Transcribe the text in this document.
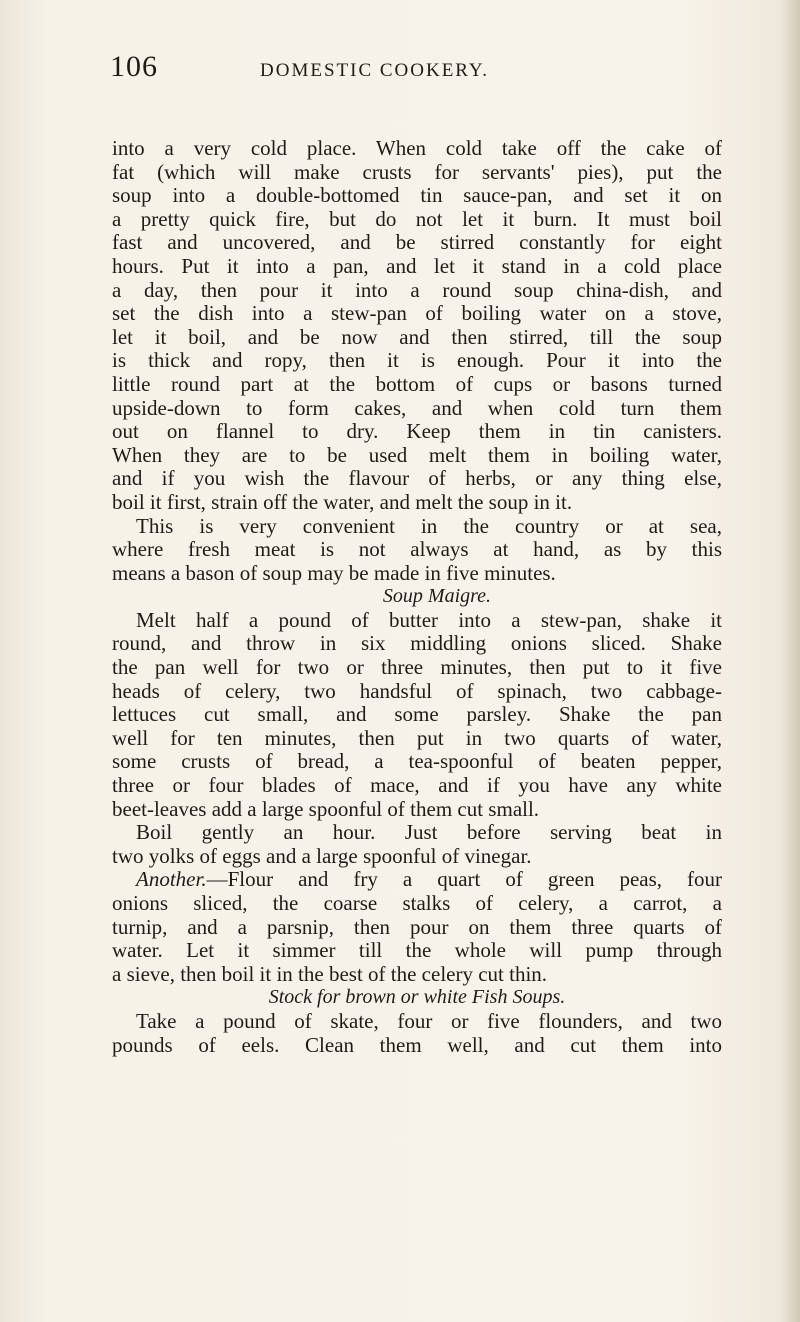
106	DOMESTIC COOKERY.
into a very cold place. When cold take off the cake of
fat (which will make crusts for servants' pies), put the
soup into a double-bottomed tin sauce-pan, and set it on
a pretty quick fire, but do not let it burn. It must boil
fast and uncovered, and be stirred constantly for eight
hours. Put it into a pan, and let it stand in a cold place
a day, then pour it into a round soup china-dish, and
set the dish into a stew-pan of boiling water on a stove,
let it boil, and be now and then stirred, till the soup
is thick and ropy, then it is enough. Pour it into the
little round part at the bottom of cups or basons turned
upside-down to form cakes, and when cold turn them
out on flannel to dry. Keep them in tin canisters.
When they are to be used melt them in boiling water,
and if you wish the flavour of herbs, or any thing else,
boil it first, strain off the water, and melt the soup in it.
This is very convenient in the country or at sea,
where fresh meat is not always at hand, as by this
means a bason of soup may be made in five minutes.
Soup Maigre.
Melt half a pound of butter into a stew-pan, shake it
round, and throw in six middling onions sliced. Shake
the pan well for two or three minutes, then put to it five
heads of celery, two handsful of spinach, two cabbage-
lettuces cut small, and some parsley. Shake the pan
well for ten minutes, then put in two quarts of water,
some crusts of bread, a tea-spoonful of beaten pepper,
three or four blades of mace, and if you have any white
beet-leaves add a large spoonful of them cut small.
Boil gently an hour. Just before serving beat in
two yolks of eggs and a large spoonful of vinegar.
Another.—Flour and fry a quart of green peas, four
onions sliced, the coarse stalks of celery, a carrot, a
turnip, and a parsnip, then pour on them three quarts of
water. Let it simmer till the whole will pump through
a sieve, then boil it in the best of the celery cut thin.
Stock for brown or white Fish Soups.
Take a pound of skate, four or five flounders, and two
pounds of eels. Clean them well, and cut them into
